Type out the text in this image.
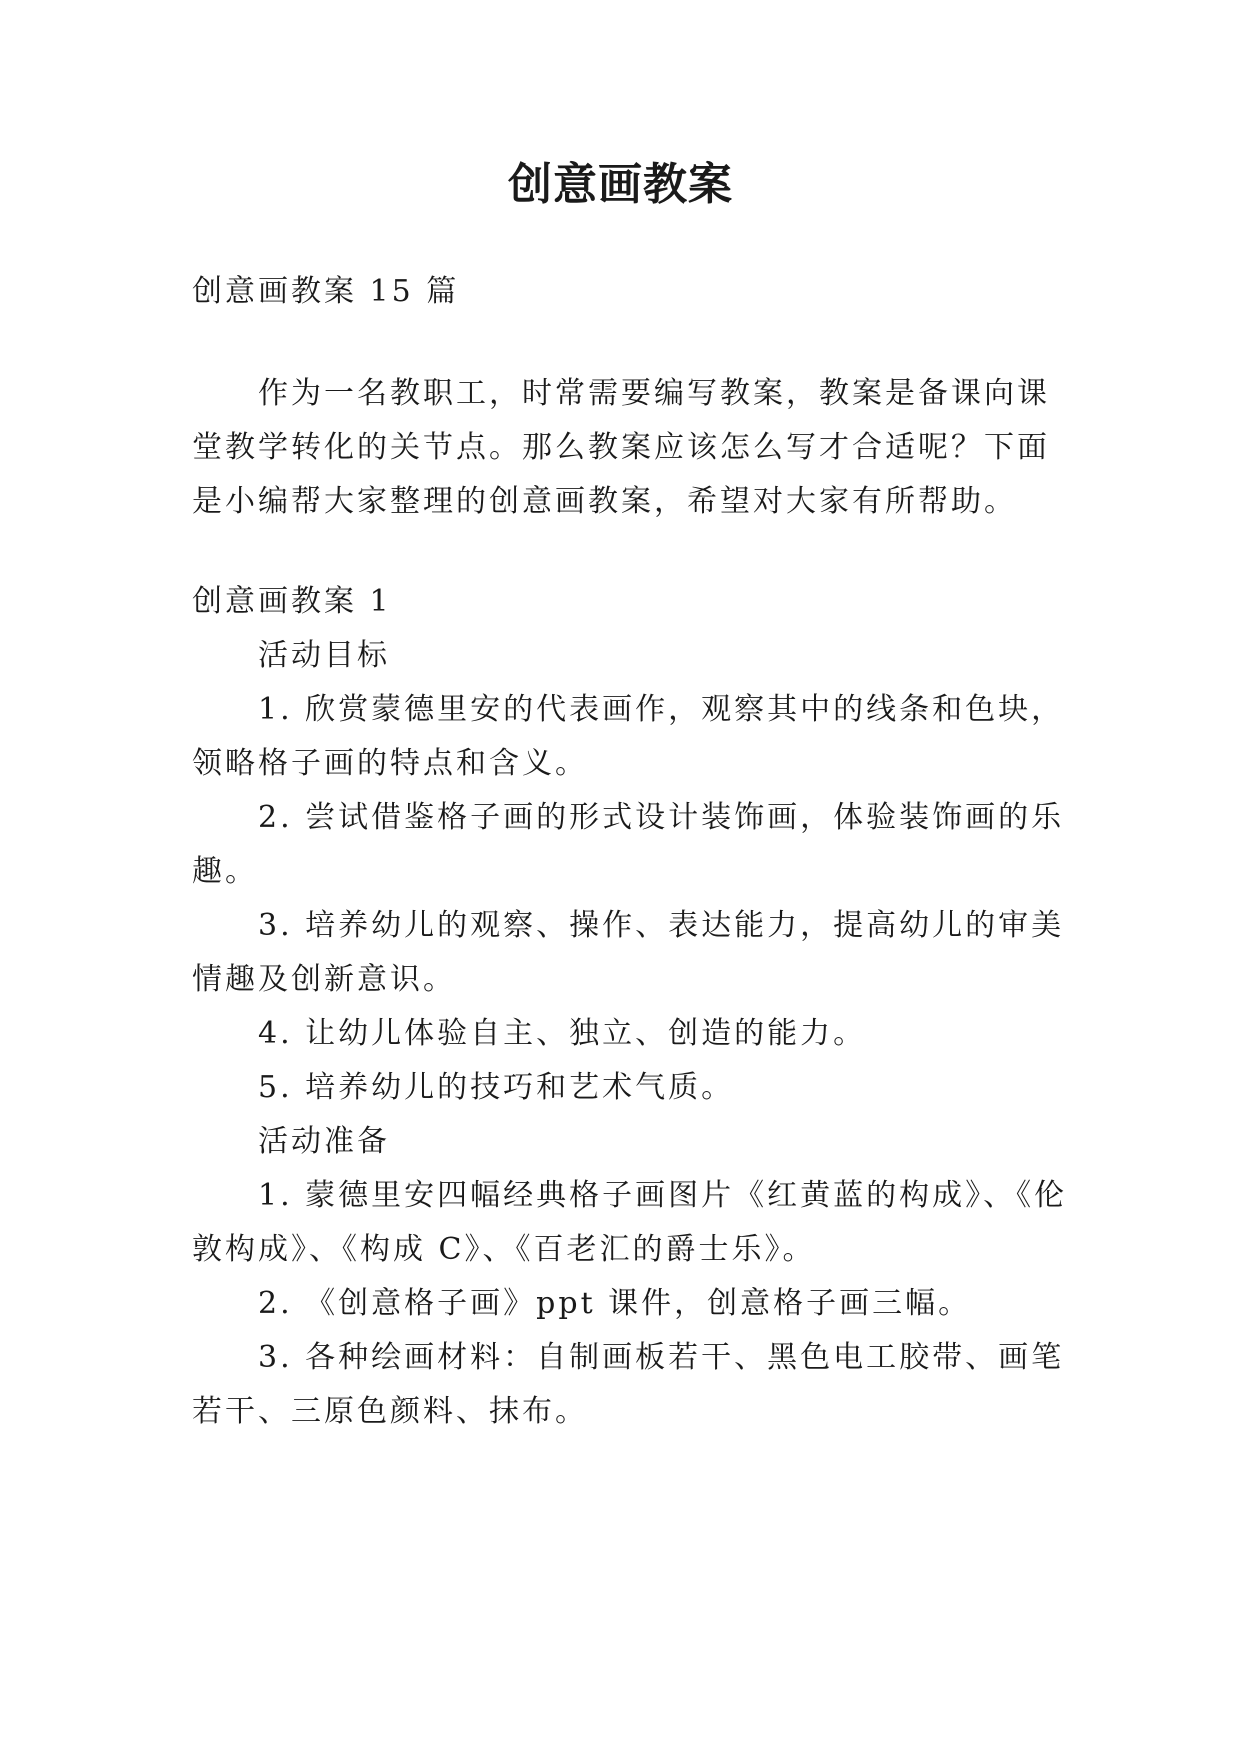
创意画教案

创意画教案 15 篇

作为一名教职工，时常需要编写教案，教案是备课向课

堂教学转化的关节点。那么教案应该怎么写才合适呢？下面

是小编帮大家整理的创意画教案，希望对大家有所帮助。

创意画教案 1

活动目标

1. 欣赏蒙德里安的代表画作，观察其中的线条和色块，

领略格子画的特点和含义。

2. 尝试借鉴格子画的形式设计装饰画，体验装饰画的乐

趣。

3. 培养幼儿的观察、操作、表达能力，提高幼儿的审美

情趣及创新意识。

4. 让幼儿体验自主、独立、创造的能力。

5. 培养幼儿的技巧和艺术气质。

活动准备

1. 蒙德里安四幅经典格子画图片《红黄蓝的构成》、《伦

敦构成》、《构成 C》、《百老汇的爵士乐》。

2. 《创意格子画》ppt 课件，创意格子画三幅。

3. 各种绘画材料：自制画板若干、黑色电工胶带、画笔

若干、三原色颜料、抹布。
